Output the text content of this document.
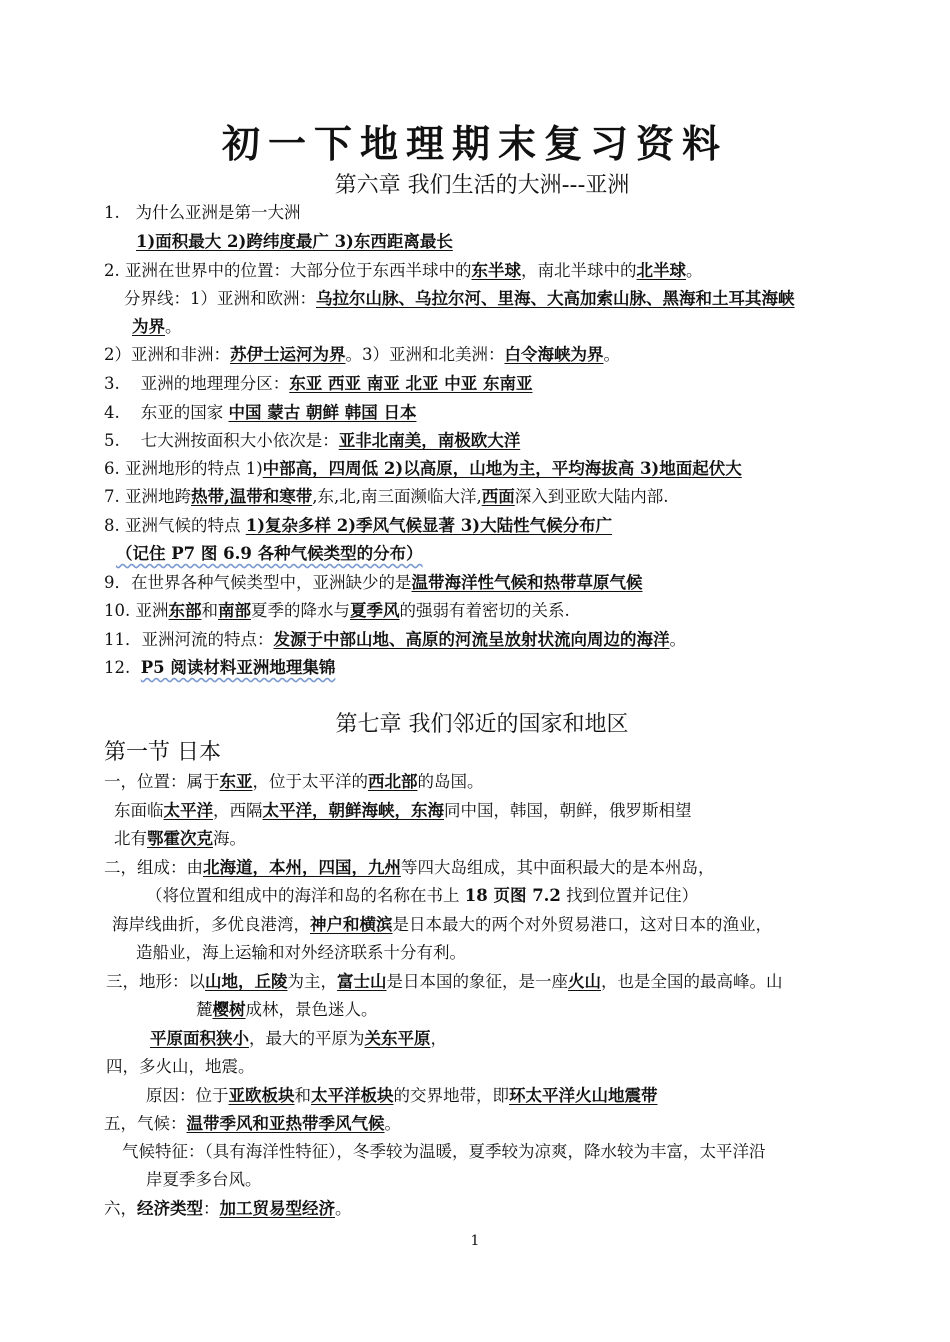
初一下地理期末复习资料
第六章 我们生活的大洲---亚洲
1.   为什么亚洲是第一大洲
1)面积最大 2)跨纬度最广 3)东西距离最长
2. 亚洲在世界中的位置：大部分位于东西半球中的东半球，南北半球中的北半球。
分界线：1）亚洲和欧洲：乌拉尔山脉、乌拉尔河、里海、大高加索山脉、黑海和土耳其海峡
为界。
2）亚洲和非洲：苏伊士运河为界。3）亚洲和北美洲：白令海峡为界。
3.    亚洲的地理理分区：东亚 西亚 南亚 北亚 中亚 东南亚
4.    东亚的国家 中国 蒙古 朝鲜 韩国 日本
5.    七大洲按面积大小依次是：亚非北南美，南极欧大洋
6. 亚洲地形的特点 1)中部高，四周低 2)以高原，山地为主，平均海拔高 3)地面起伏大
7. 亚洲地跨热带,温带和寒带,东,北,南三面濒临大洋,西面深入到亚欧大陆内部.
8. 亚洲气候的特点 1)复杂多样 2)季风气候显著 3)大陆性气候分布广
（记住 P7 图 6.9 各种气候类型的分布）
9．在世界各种气候类型中，亚洲缺少的是温带海洋性气候和热带草原气候
10. 亚洲东部和南部夏季的降水与夏季风的强弱有着密切的关系.
11．亚洲河流的特点：发源于中部山地、高原的河流呈放射状流向周边的海洋。
12.  P5 阅读材料亚洲地理集锦
第七章 我们邻近的国家和地区
第一节 日本
一，位置：属于东亚，位于太平洋的西北部的岛国。
东面临太平洋，西隔太平洋，朝鲜海峡，东海同中国，韩国，朝鲜，俄罗斯相望
北有鄂霍次克海。
二，组成：由北海道，本州，四国，九州等四大岛组成，其中面积最大的是本州岛，
（将位置和组成中的海洋和岛的名称在书上 18 页图 7.2 找到位置并记住）
海岸线曲折，多优良港湾，神户和横滨是日本最大的两个对外贸易港口，这对日本的渔业，
造船业，海上运输和对外经济联系十分有利。
三，地形：以山地，丘陵为主，富士山是日本国的象征，是一座火山，也是全国的最高峰。山
麓樱树成林，景色迷人。
平原面积狭小，最大的平原为关东平原，
四，多火山，地震。
原因：位于亚欧板块和太平洋板块的交界地带，即环太平洋火山地震带
五，气候：温带季风和亚热带季风气候。
气候特征：（具有海洋性特征），冬季较为温暖，夏季较为凉爽，降水较为丰富，太平洋沿
岸夏季多台风。
六，经济类型：加工贸易型经济。
1
